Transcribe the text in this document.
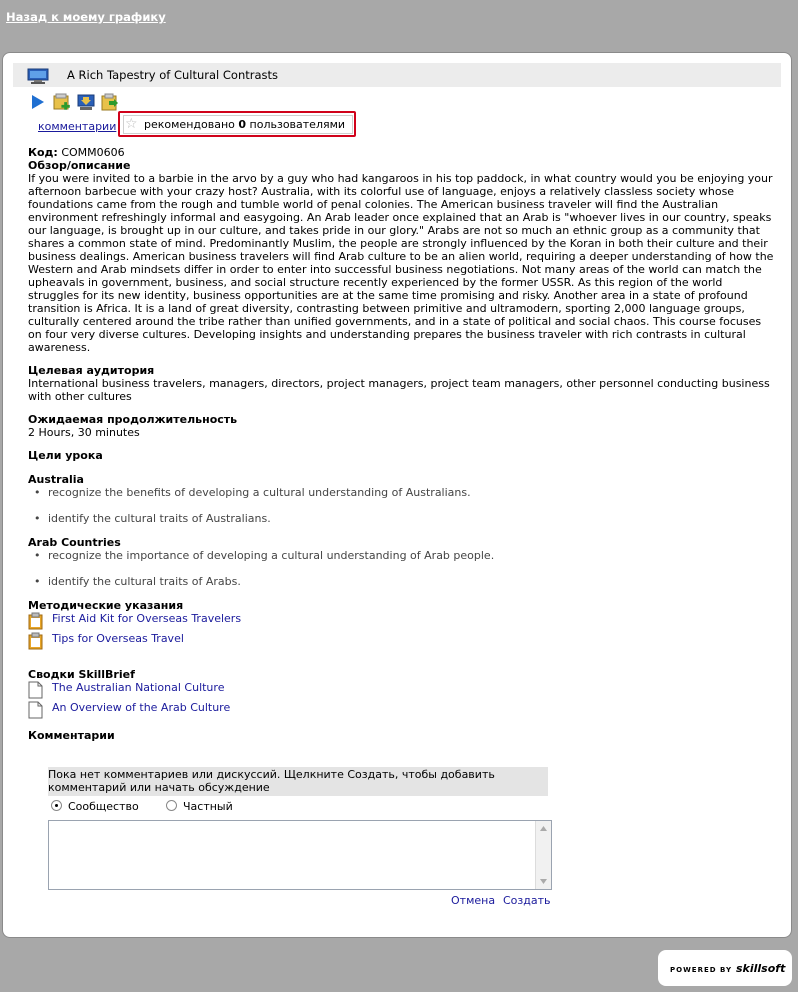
Назад к моему графику
A Rich Tapestry of Cultural Contrasts
комментарии ☆ рекомендовано 0 пользователями

Код: COMM0606

Обзор/описание

If you were invited to a barbie in the arvo by a guy who had kangaroos in his top paddock, in what country would you be enjoying your afternoon barbecue with your crazy host? Australia, with its colorful use of language, enjoys a relatively classless society whose foundations came from the rough and tumble world of penal colonies. The American business traveler will find the Australian environment refreshingly informal and easygoing. An Arab leader once explained that an Arab is "whoever lives in our country, speaks our language, is brought up in our culture, and takes pride in our glory." Arabs are not so much an ethnic group as a community that shares a common state of mind. Predominantly Muslim, the people are strongly influenced by the Koran in both their culture and their business dealings. American business travelers will find Arab culture to be an alien world, requiring a deeper understanding of how the Western and Arab mindsets differ in order to enter into successful business negotiations. Not many areas of the world can match the upheavals in government, business, and social structure recently experienced by the former USSR. As this region of the world struggles for its new identity, business opportunities are at the same time promising and risky. Another area in a state of profound transition is Africa. It is a land of great diversity, contrasting between primitive and ultramodern, sporting 2,000 language groups, culturally centered around the tribe rather than unified governments, and in a state of political and social chaos. This course focuses on four very diverse cultures. Developing insights and understanding prepares the business traveler with rich contrasts in cultural awareness.

Целевая аудитория

International business travelers, managers, directors, project managers, project team managers, other personnel conducting business with other cultures

Ожидаемая продолжительность

2 Hours, 30 minutes

Цели урока
Australia
• recognize the benefits of developing a cultural understanding of Australians.
• identify the cultural traits of Australians.
Arab Countries
• recognize the importance of developing a cultural understanding of Arab people.
• identify the cultural traits of Arabs.
Методические указания
First Aid Kit for Overseas Travelers
Tips for Overseas Travel
Сводки SkillBrief
The Australian National Culture
An Overview of the Arab Culture
Комментарии
Пока нет комментариев или дискуссий. Щелкните Создать, чтобы добавить комментарий или начать обсуждение
Сообщество	Частный
Отмена Создать
POWERED BY skillsoft
